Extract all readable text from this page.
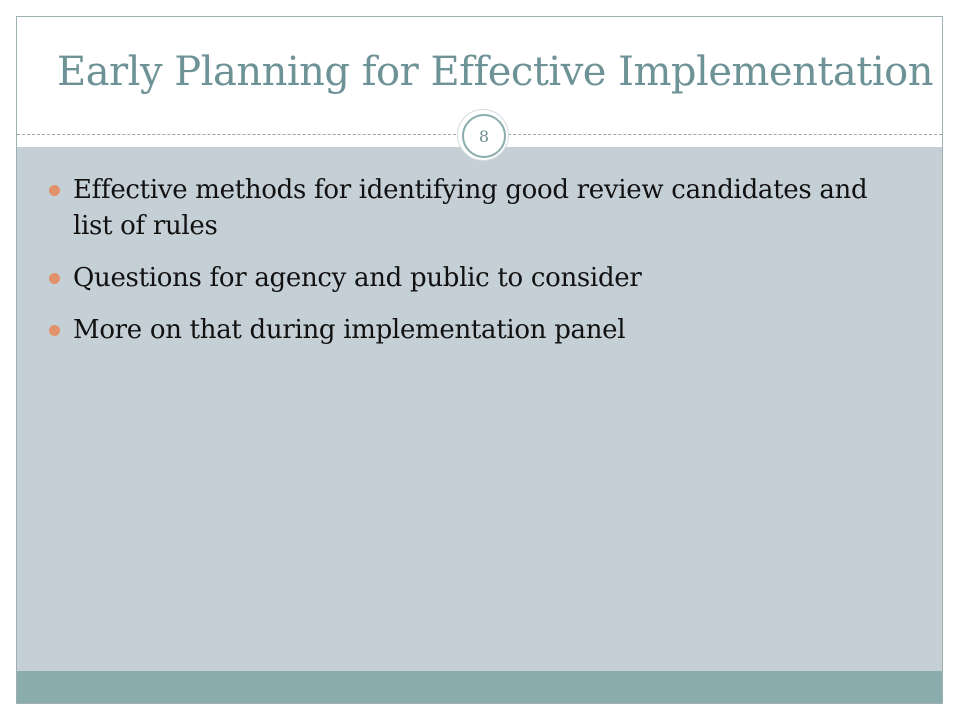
Early Planning for Effective Implementation
8
Effective methods for identifying good review candidates and list of rules
Questions for agency and public to consider
More on that during implementation panel
